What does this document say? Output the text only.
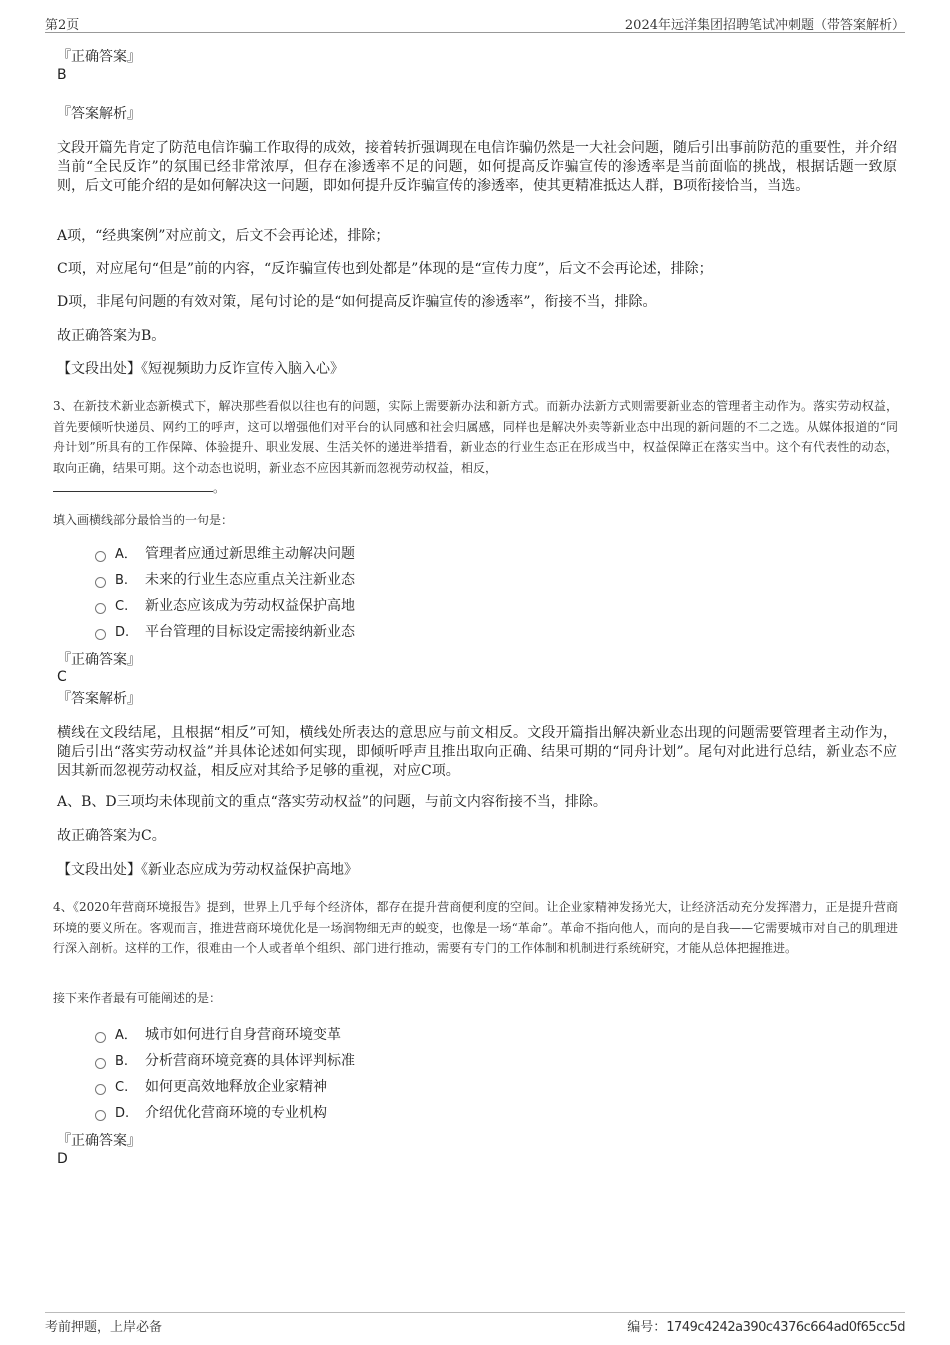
第2页	2024年远洋集团招聘笔试冲刺题（带答案解析）
『正确答案』
B
『答案解析』
文段开篇先肯定了防范电信诈骗工作取得的成效，接着转折强调现在电信诈骗仍然是一大社会问题，随后引出事前防范的重要性，并介绍当前“全民反诈”的氛围已经非常浓厚，但存在渗透率不足的问题，如何提高反诈骗宣传的渗透率是当前面临的挑战，根据话题一致原则，后文可能介绍的是如何解决这一问题，即如何提升反诈骗宣传的渗透率，使其更精准抵达人群，B项衔接恰当，当选。
A项，“经典案例”对应前文，后文不会再论述，排除；
C项，对应尾句“但是”前的内容，“反诈骗宣传也到处都是”体现的是“宣传力度”，后文不会再论述，排除；
D项，非尾句问题的有效对策，尾句讨论的是“如何提高反诈骗宣传的渗透率”，衔接不当，排除。
故正确答案为B。
【文段出处】《短视频助力反诈宣传入脑入心》
3、在新技术新业态新模式下，解决那些看似以往也有的问题，实际上需要新办法和新方式。而新办法新方式则需要新业态的管理者主动作为。落实劳动权益，首先要倾听快递员、网约工的呼声，这可以增强他们对平台的认同感和社会归属感，同样也是解决外卖等新业态中出现的新问题的不二之选。从媒体报道的“同舟计划”所具有的工作保障、体验提升、职业发展、生活关怀的递进举措看，新业态的行业生态正在形成当中，权益保障正在落实当中。这个有代表性的动态，取向正确，结果可期。这个动态也说明，新业态不应因其新而忽视劳动权益，相反，
。
填入画横线部分最恰当的一句是：
A． 管理者应通过新思维主动解决问题
B. 未来的行业生态应重点关注新业态
C. 新业态应该成为劳动权益保护高地
D. 平台管理的目标设定需接纳新业态
『正确答案』
C
『答案解析』
横线在文段结尾，且根据“相反”可知，横线处所表达的意思应与前文相反。文段开篇指出解决新业态出现的问题需要管理者主动作为，随后引出“落实劳动权益”并具体论述如何实现，即倾听呼声且推出取向正确、结果可期的“同舟计划”。尾句对此进行总结，新业态不应因其新而忽视劳动权益，相反应对其给予足够的重视，对应C项。
A、B、D三项均未体现前文的重点“落实劳动权益”的问题，与前文内容衔接不当，排除。
故正确答案为C。
【文段出处】《新业态应成为劳动权益保护高地》
4、《2020年营商环境报告》提到，世界上几乎每个经济体，都存在提升营商便利度的空间。让企业家精神发扬光大，让经济活动充分发挥潜力，正是提升营商环境的要义所在。客观而言，推进营商环境优化是一场润物细无声的蜕变，也像是一场“革命”。革命不指向他人，而向的是自我——它需要城市对自己的肌理进行深入剖析。这样的工作，很难由一个人或者单个组织、部门进行推动，需要有专门的工作体制和机制进行系统研究，才能从总体把握推进。
接下来作者最有可能阐述的是：
A． 城市如何进行自身营商环境变革
B. 分析营商环境竞赛的具体评判标准
C. 如何更高效地释放企业家精神
D. 介绍优化营商环境的专业机构
『正确答案』
D
考前押题，上岸必备	编号：1749c4242a390c4376c664ad0f65cc5d
